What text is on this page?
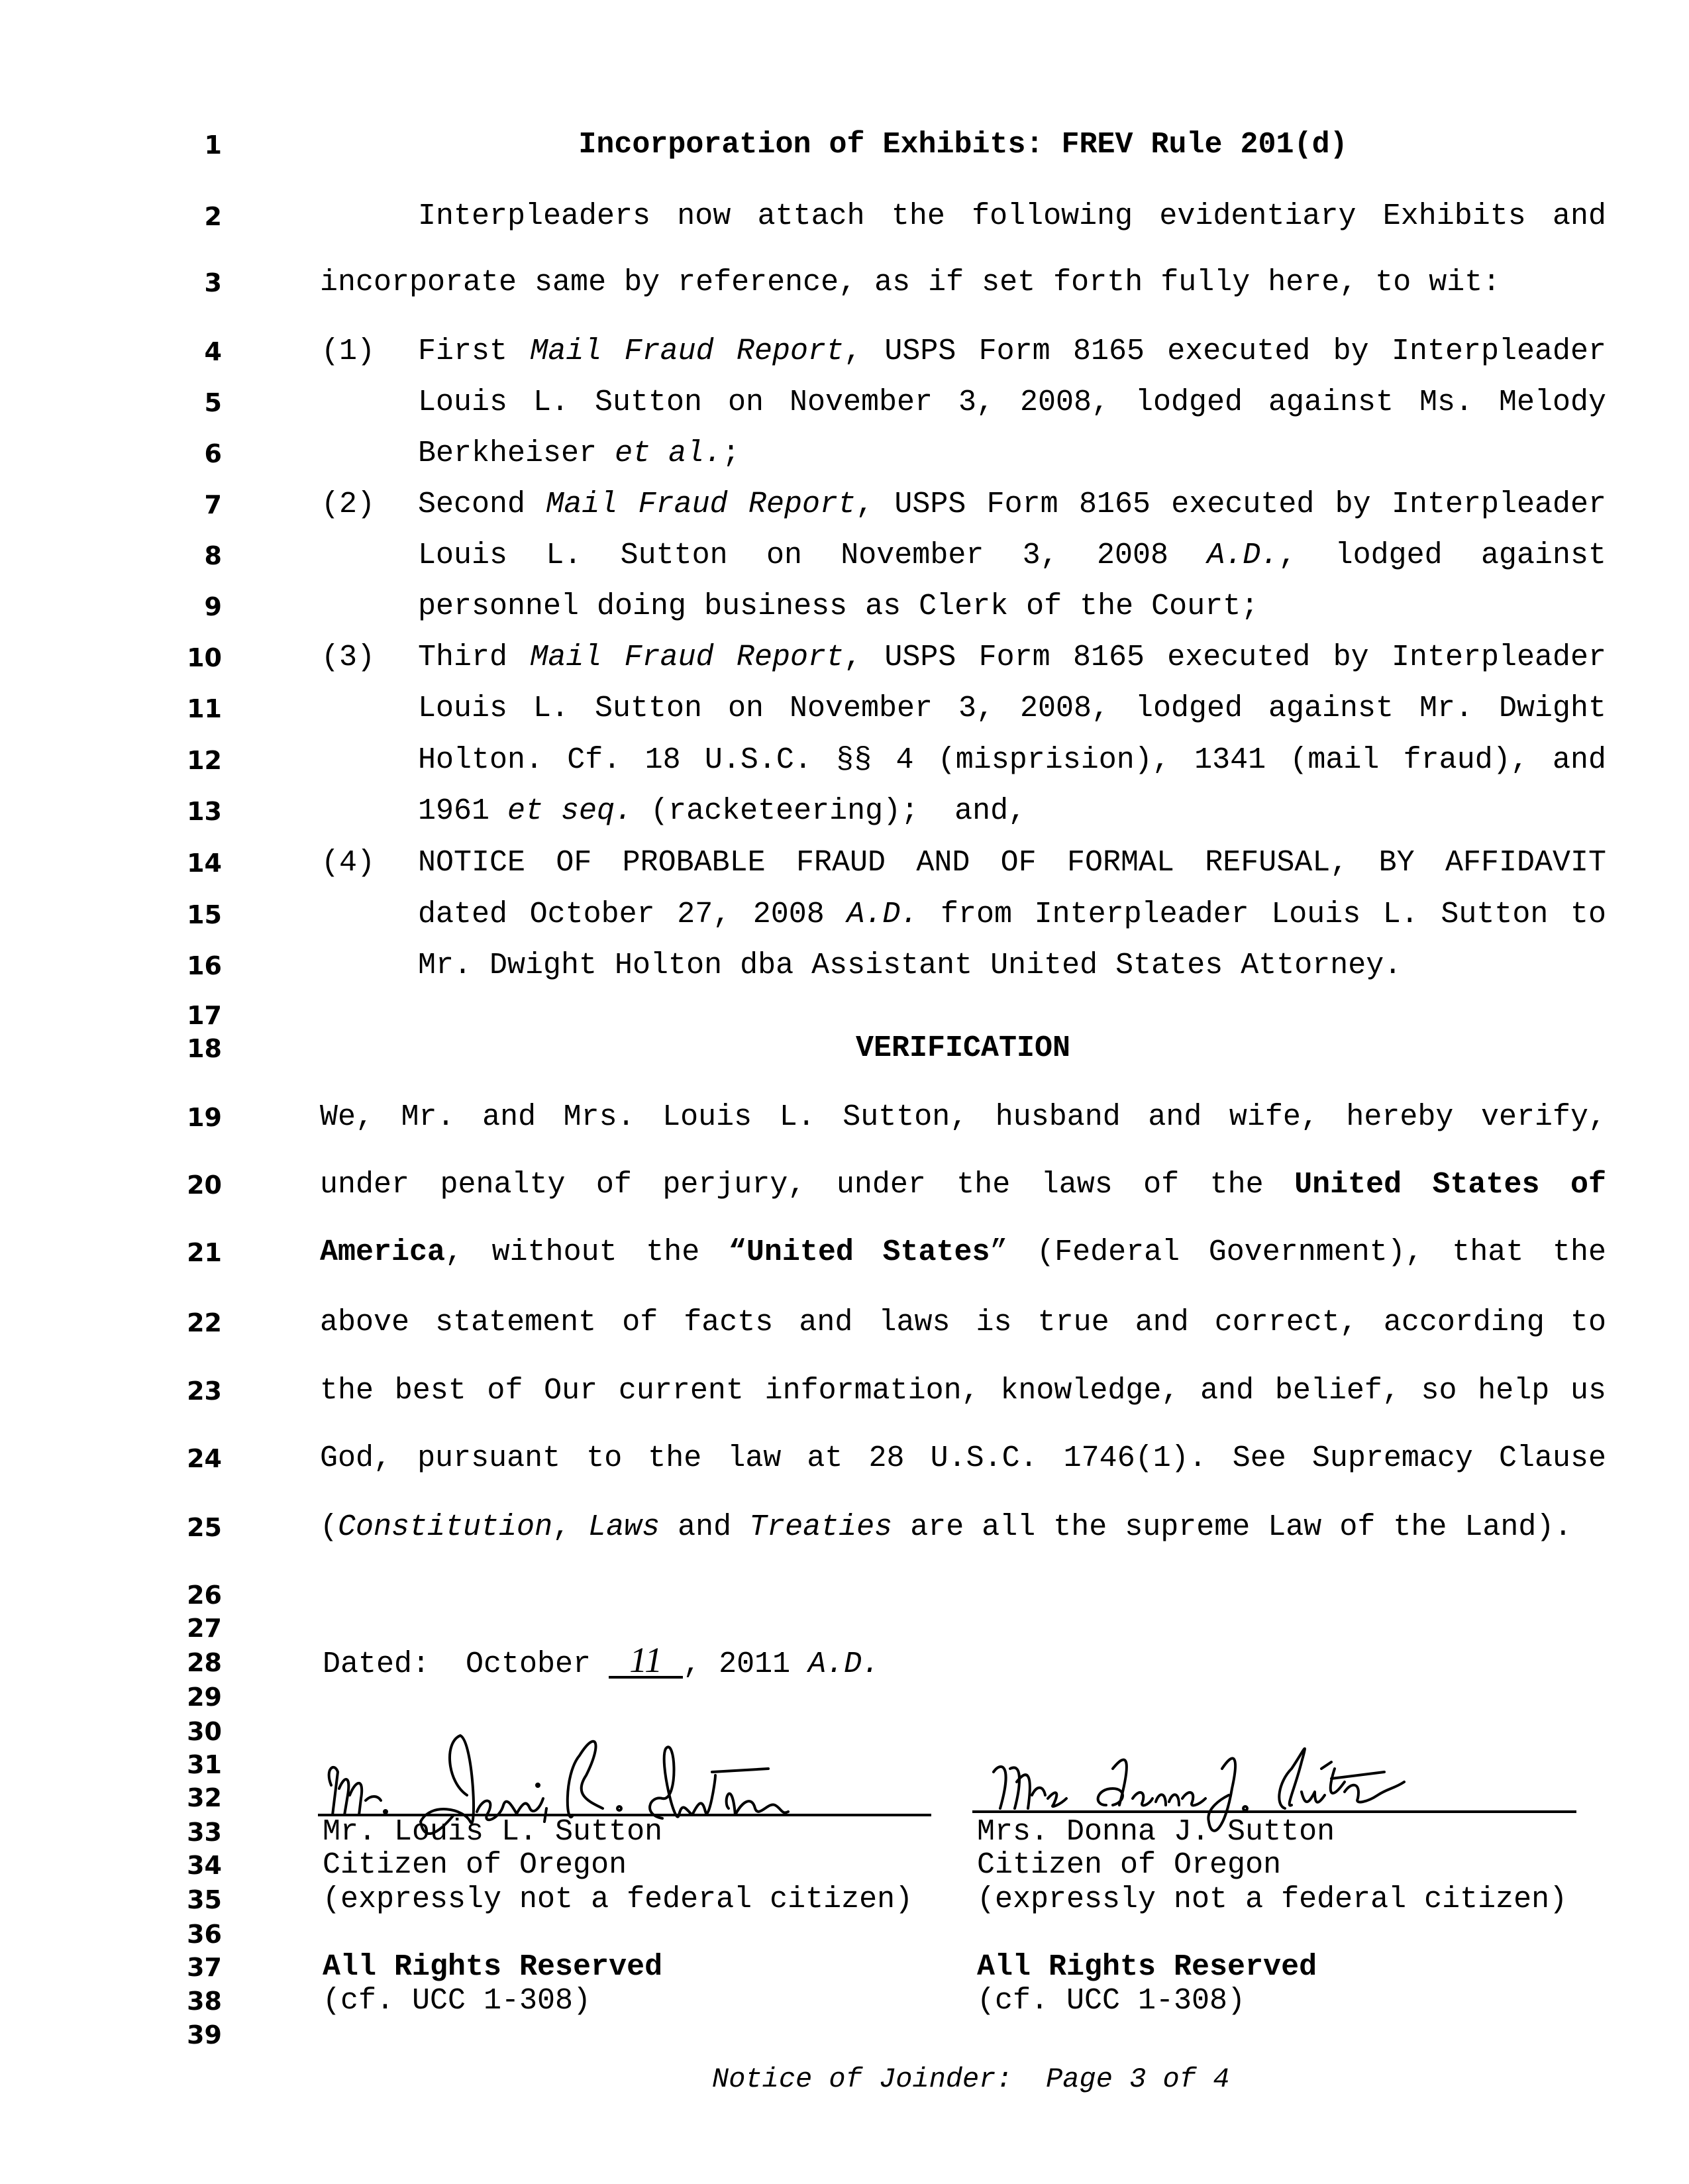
1
2
3
4
5
6
7
8
9
10
11
12
13
14
15
16
17
18
19
20
21
22
23
24
25
26
27
28
29
30
31
32
33
34
35
36
37
38
39
Incorporation of Exhibits: FREV Rule 201(d)
Interpleaders now attach the following evidentiary Exhibits and
incorporate same by reference, as if set forth fully here, to wit:
(1) First Mail Fraud Report, USPS Form 8165 executed by Interpleader
Louis L. Sutton on November 3, 2008, lodged against Ms. Melody
Berkheiser et al.;
(2) Second Mail Fraud Report, USPS Form 8165 executed by Interpleader
Louis L. Sutton on November 3, 2008 A.D., lodged against
personnel doing business as Clerk of the Court;
(3) Third Mail Fraud Report, USPS Form 8165 executed by Interpleader
Louis L. Sutton on November 3, 2008, lodged against Mr. Dwight
Holton. Cf. 18 U.S.C. §§ 4 (misprision), 1341 (mail fraud), and
1961 et seq. (racketeering);  and,
(4) NOTICE OF PROBABLE FRAUD AND OF FORMAL REFUSAL, BY AFFIDAVIT
dated October 27, 2008 A.D. from Interpleader Louis L. Sutton to
Mr. Dwight Holton dba Assistant United States Attorney.
VERIFICATION
We, Mr. and Mrs. Louis L. Sutton, husband and wife, hereby verify,
under penalty of perjury, under the laws of the United States of
America, without the “United States” (Federal Government), that the
above statement of facts and laws is true and correct, according to
the best of Our current information, knowledge, and belief, so help us
God, pursuant to the law at 28 U.S.C. 1746(1). See Supremacy Clause
(Constitution, Laws and Treaties are all the supreme Law of the Land).
Dated:  October 11 , 2011 A.D.
Mr. Louis L. Sutton
Citizen of Oregon
(expressly not a federal citizen)
All Rights Reserved
(cf. UCC 1-308)
Mrs. Donna J. Sutton
Citizen of Oregon
(expressly not a federal citizen)
All Rights Reserved
(cf. UCC 1-308)
Notice of Joinder:  Page 3 of 4
